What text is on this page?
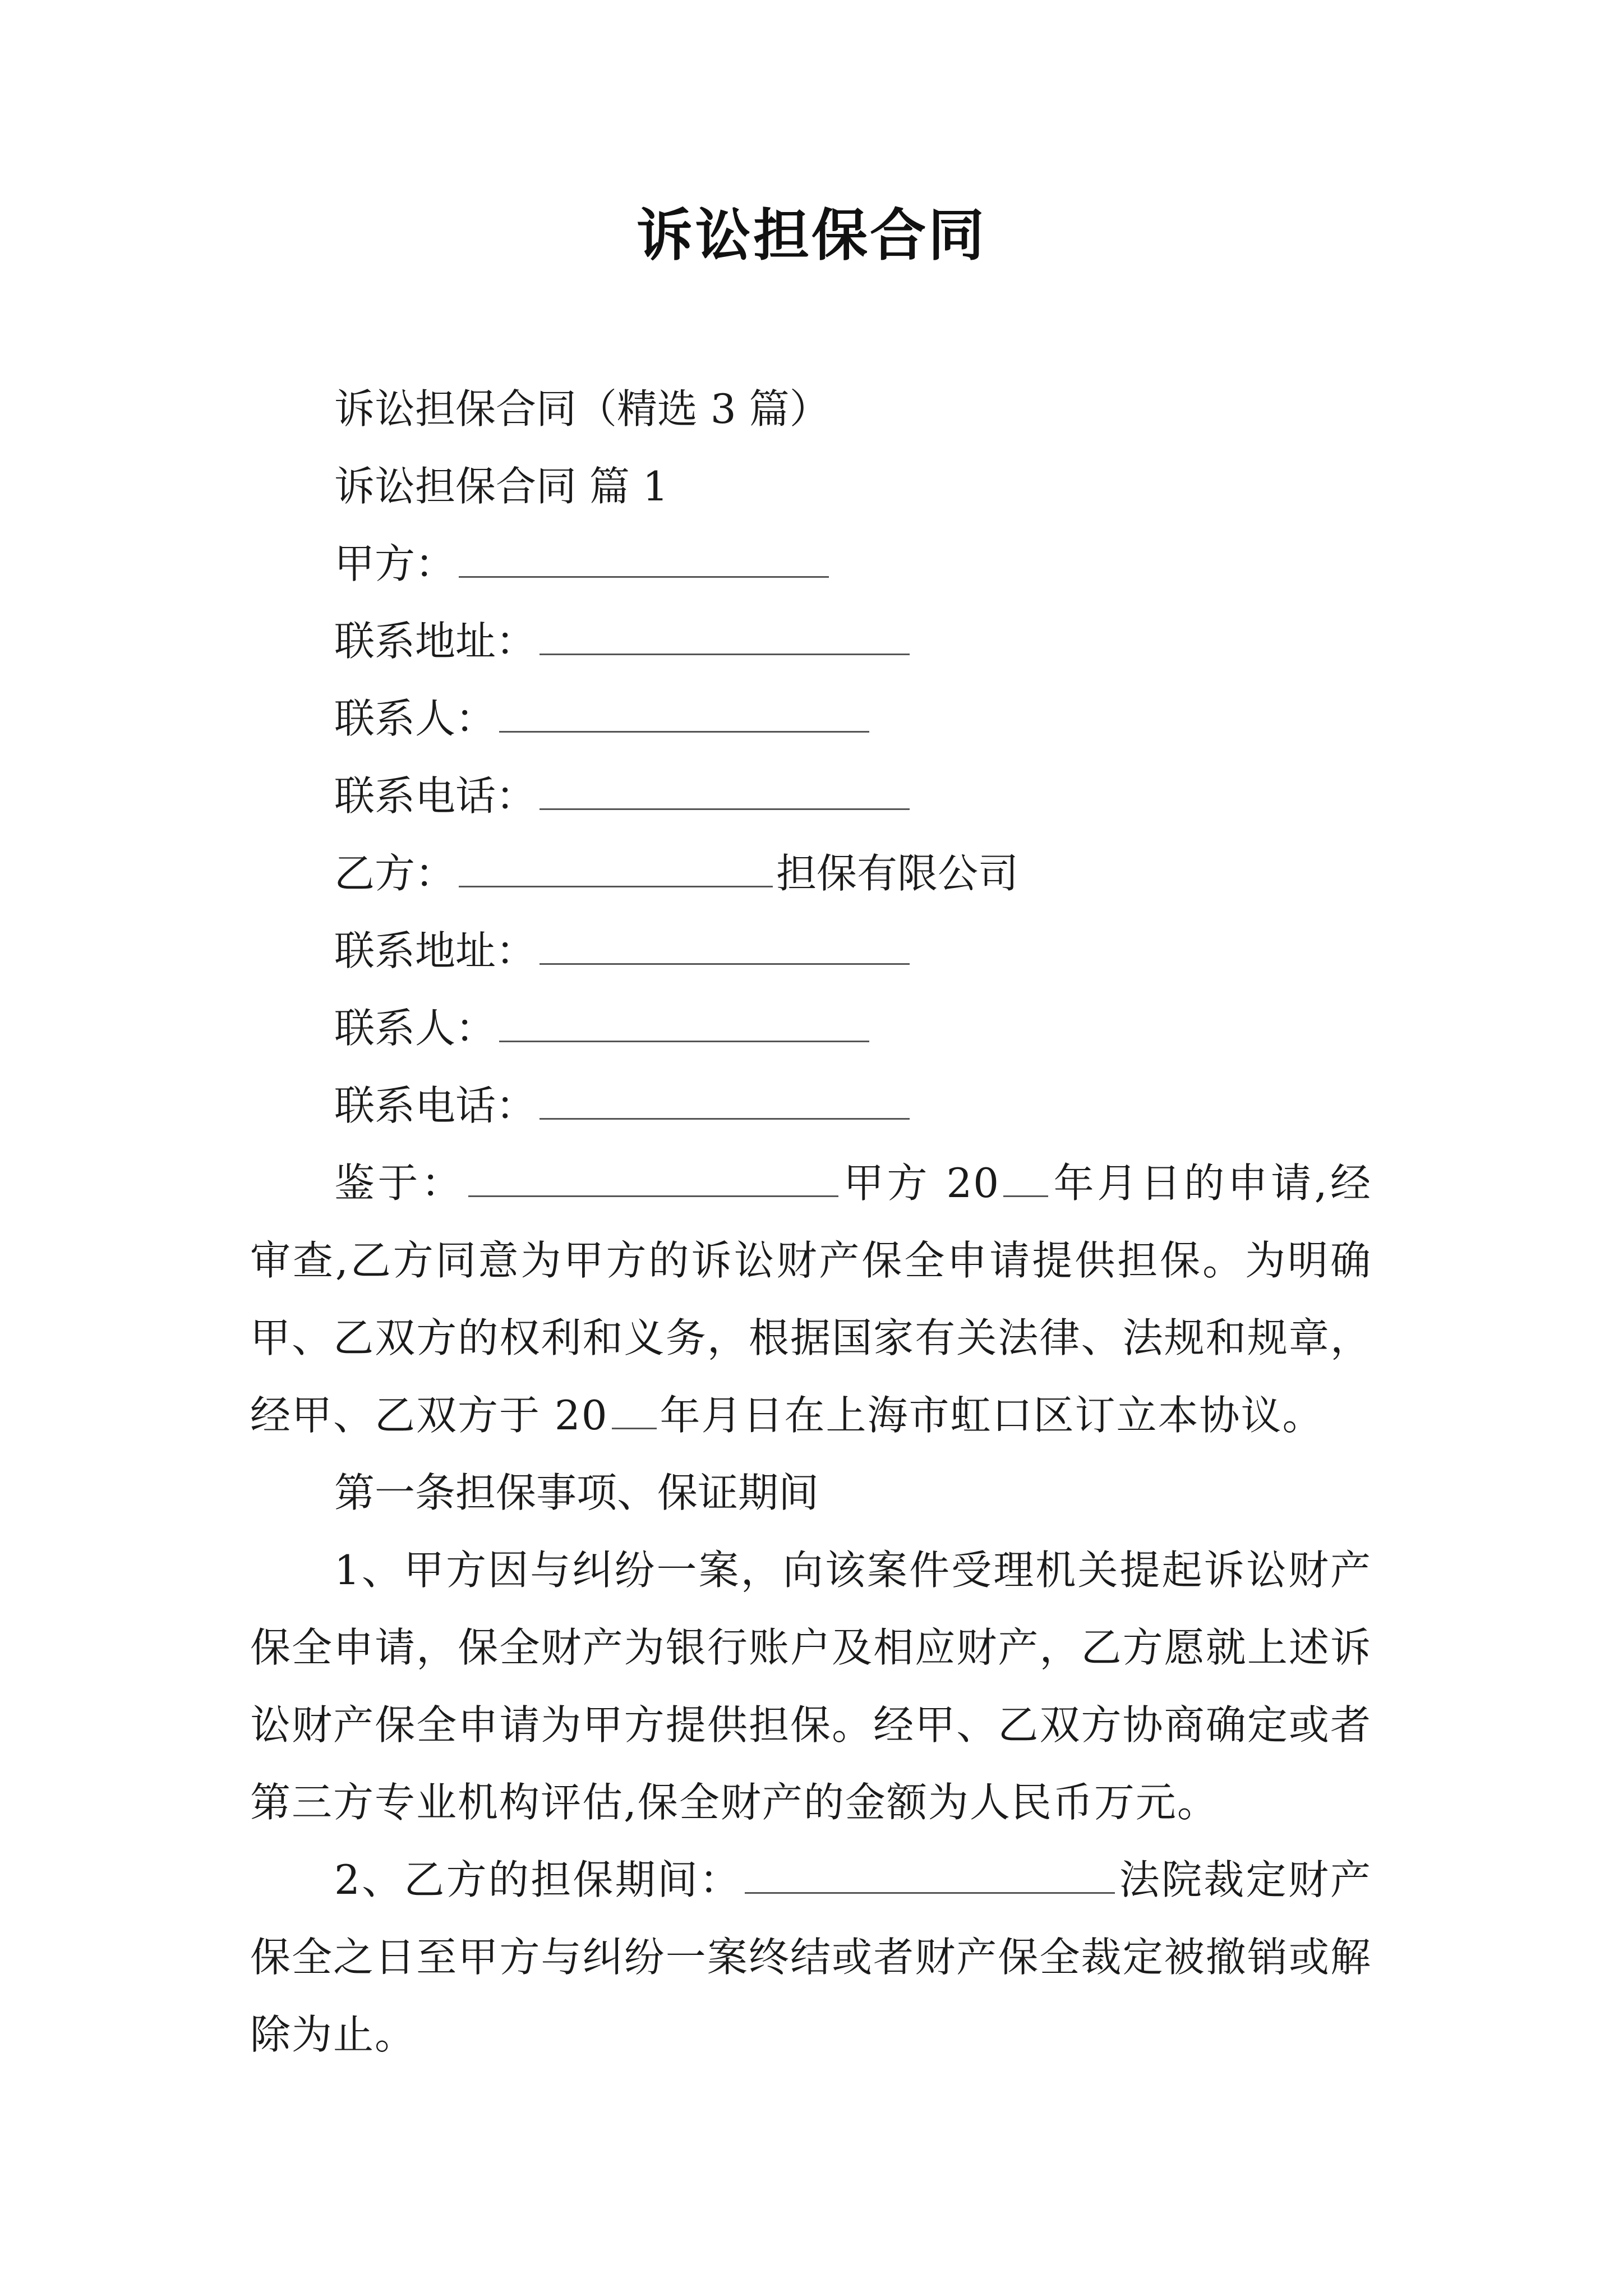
诉讼担保合同
诉讼担保合同（精选 3 篇）
诉讼担保合同 篇 1
甲方：
联系地址：
联系人：
联系电话：
乙方：	担保有限公司
联系地址：
联系人：
联系电话：
鉴于：	甲方 20 年月日的申请,经审查,乙方同意为甲方的诉讼财产保全申请提供担保。为明确甲、乙双方的权利和义务，根据国家有关法律、法规和规章，经甲、乙双方于 20 年月日在上海市虹口区订立本协议。
第一条担保事项、保证期间
1、甲方因与纠纷一案，向该案件受理机关提起诉讼财产保全申请，保全财产为银行账户及相应财产，乙方愿就上述诉讼财产保全申请为甲方提供担保。经甲、乙双方协商确定或者第三方专业机构评估,保全财产的金额为人民币万元。
2、乙方的担保期间：	法院裁定财产保全之日至甲方与纠纷一案终结或者财产保全裁定被撤销或解除为止。
